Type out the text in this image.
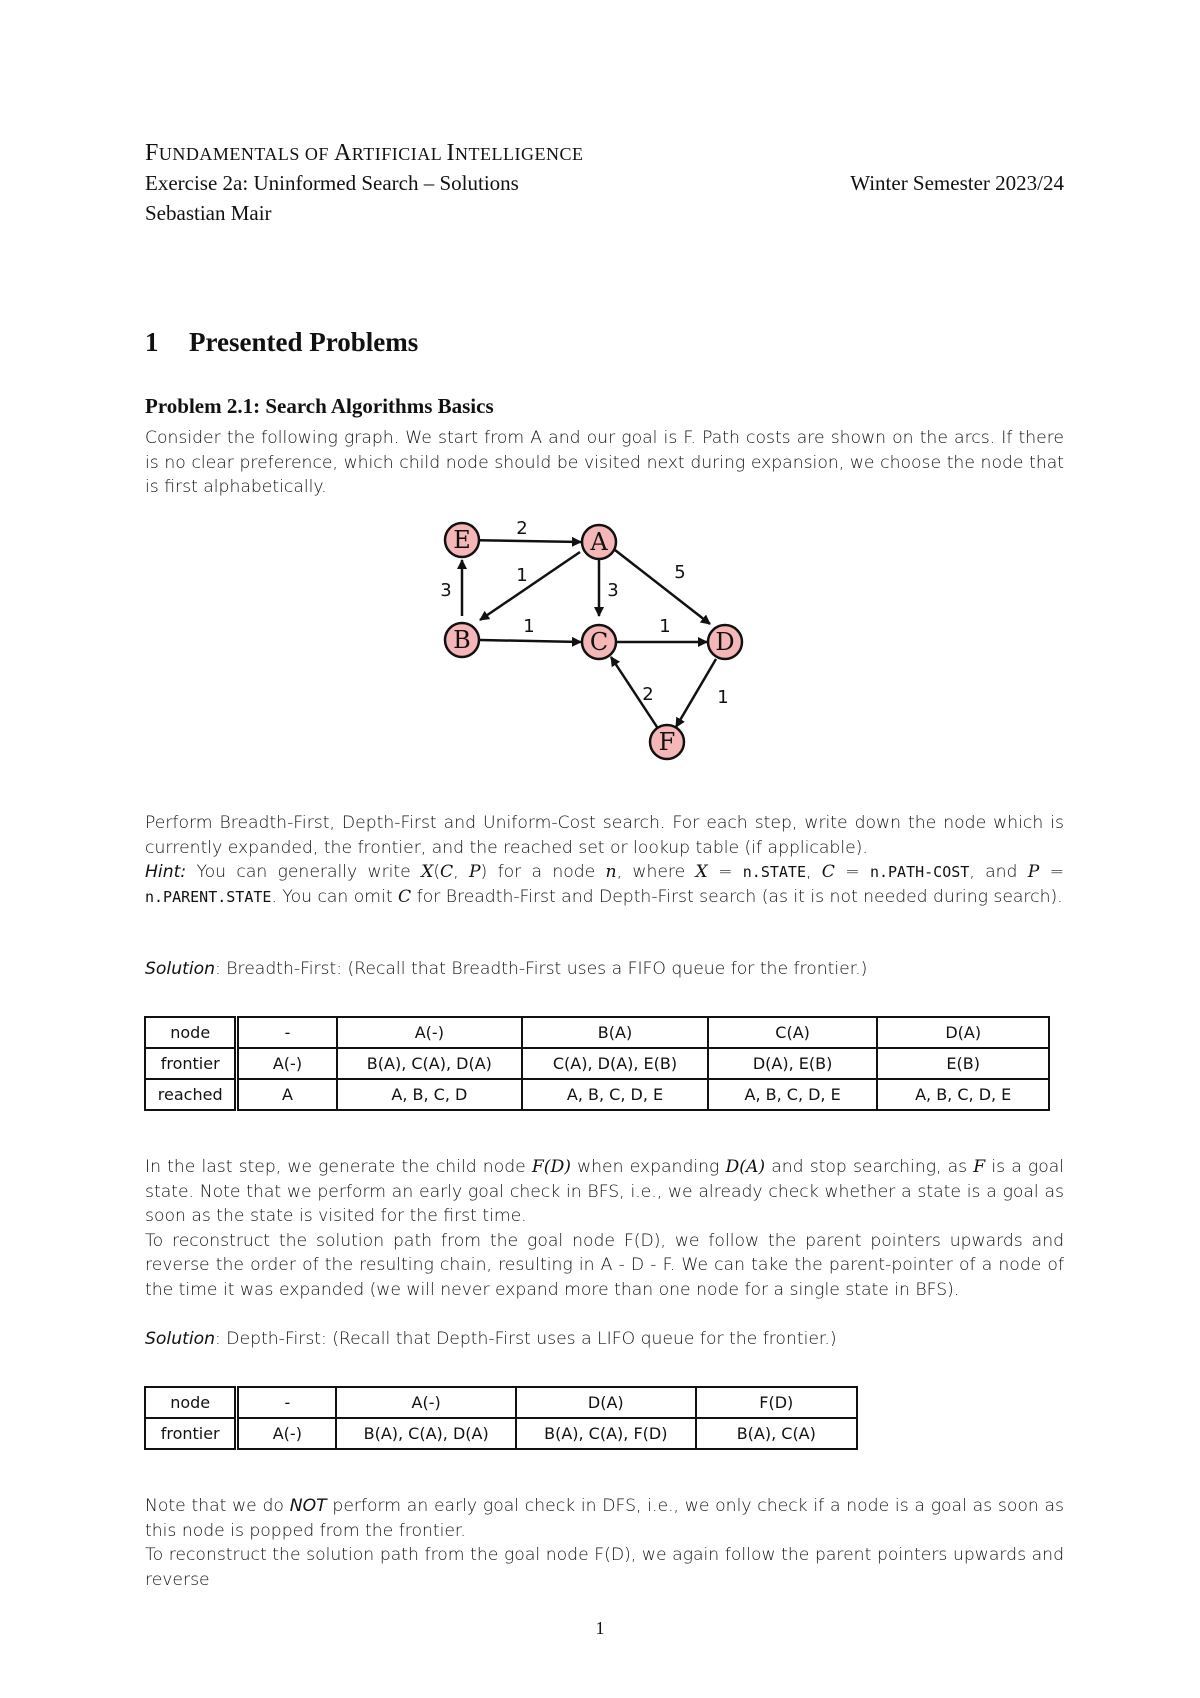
FUNDAMENTALS OF ARTIFICIAL INTELLIGENCE
Exercise 2a: Uninformed Search – Solutions	Winter Semester 2023/24
Sebastian Mair
1 Presented Problems
Problem 2.1: Search Algorithms Basics

Consider the following graph. We start from A and our goal is F. Path costs are shown on the arcs. If there is no clear preference, which child node should be visited next during expansion, we choose the node that is first alphabetically.

2
1
3	3
5
1	1
2	1
E	A
B	C	D
F

Perform Breadth-First, Depth-First and Uniform-Cost search. For each step, write down the node which is currently expanded, the frontier, and the reached set or lookup table (if applicable).
Hint: You can generally write X(C, P) for a node n, where X = n.STATE, C = n.PATH-COST, and P = n.PARENT.STATE. You can omit C for Breadth-First and Depth-First search (as it is not needed during search).

Solution: Breadth-First: (Recall that Breadth-First uses a FIFO queue for the frontier.)

node	-	A(-)	B(A)	C(A)	D(A)
frontier	A(-)	B(A), C(A), D(A)	C(A), D(A), E(B)	D(A), E(B)	E(B)
reached	A	A, B, C, D	A, B, C, D, E	A, B, C, D, E	A, B, C, D, E

In the last step, we generate the child node F(D) when expanding D(A) and stop searching, as F is a goal state. Note that we perform an early goal check in BFS, i.e., we already check whether a state is a goal as soon as the state is visited for the first time.
To reconstruct the solution path from the goal node F(D), we follow the parent pointers upwards and reverse the order of the resulting chain, resulting in A - D - F. We can take the parent-pointer of a node of the time it was expanded (we will never expand more than one node for a single state in BFS).

Solution: Depth-First: (Recall that Depth-First uses a LIFO queue for the frontier.)

node	-	A(-)	D(A)	F(D)
frontier	A(-)	B(A), C(A), D(A)	B(A), C(A), F(D)	B(A), C(A)

Note that we do NOT perform an early goal check in DFS, i.e., we only check if a node is a goal as soon as this node is popped from the frontier.
To reconstruct the solution path from the goal node F(D), we again follow the parent pointers upwards and reverse

1
